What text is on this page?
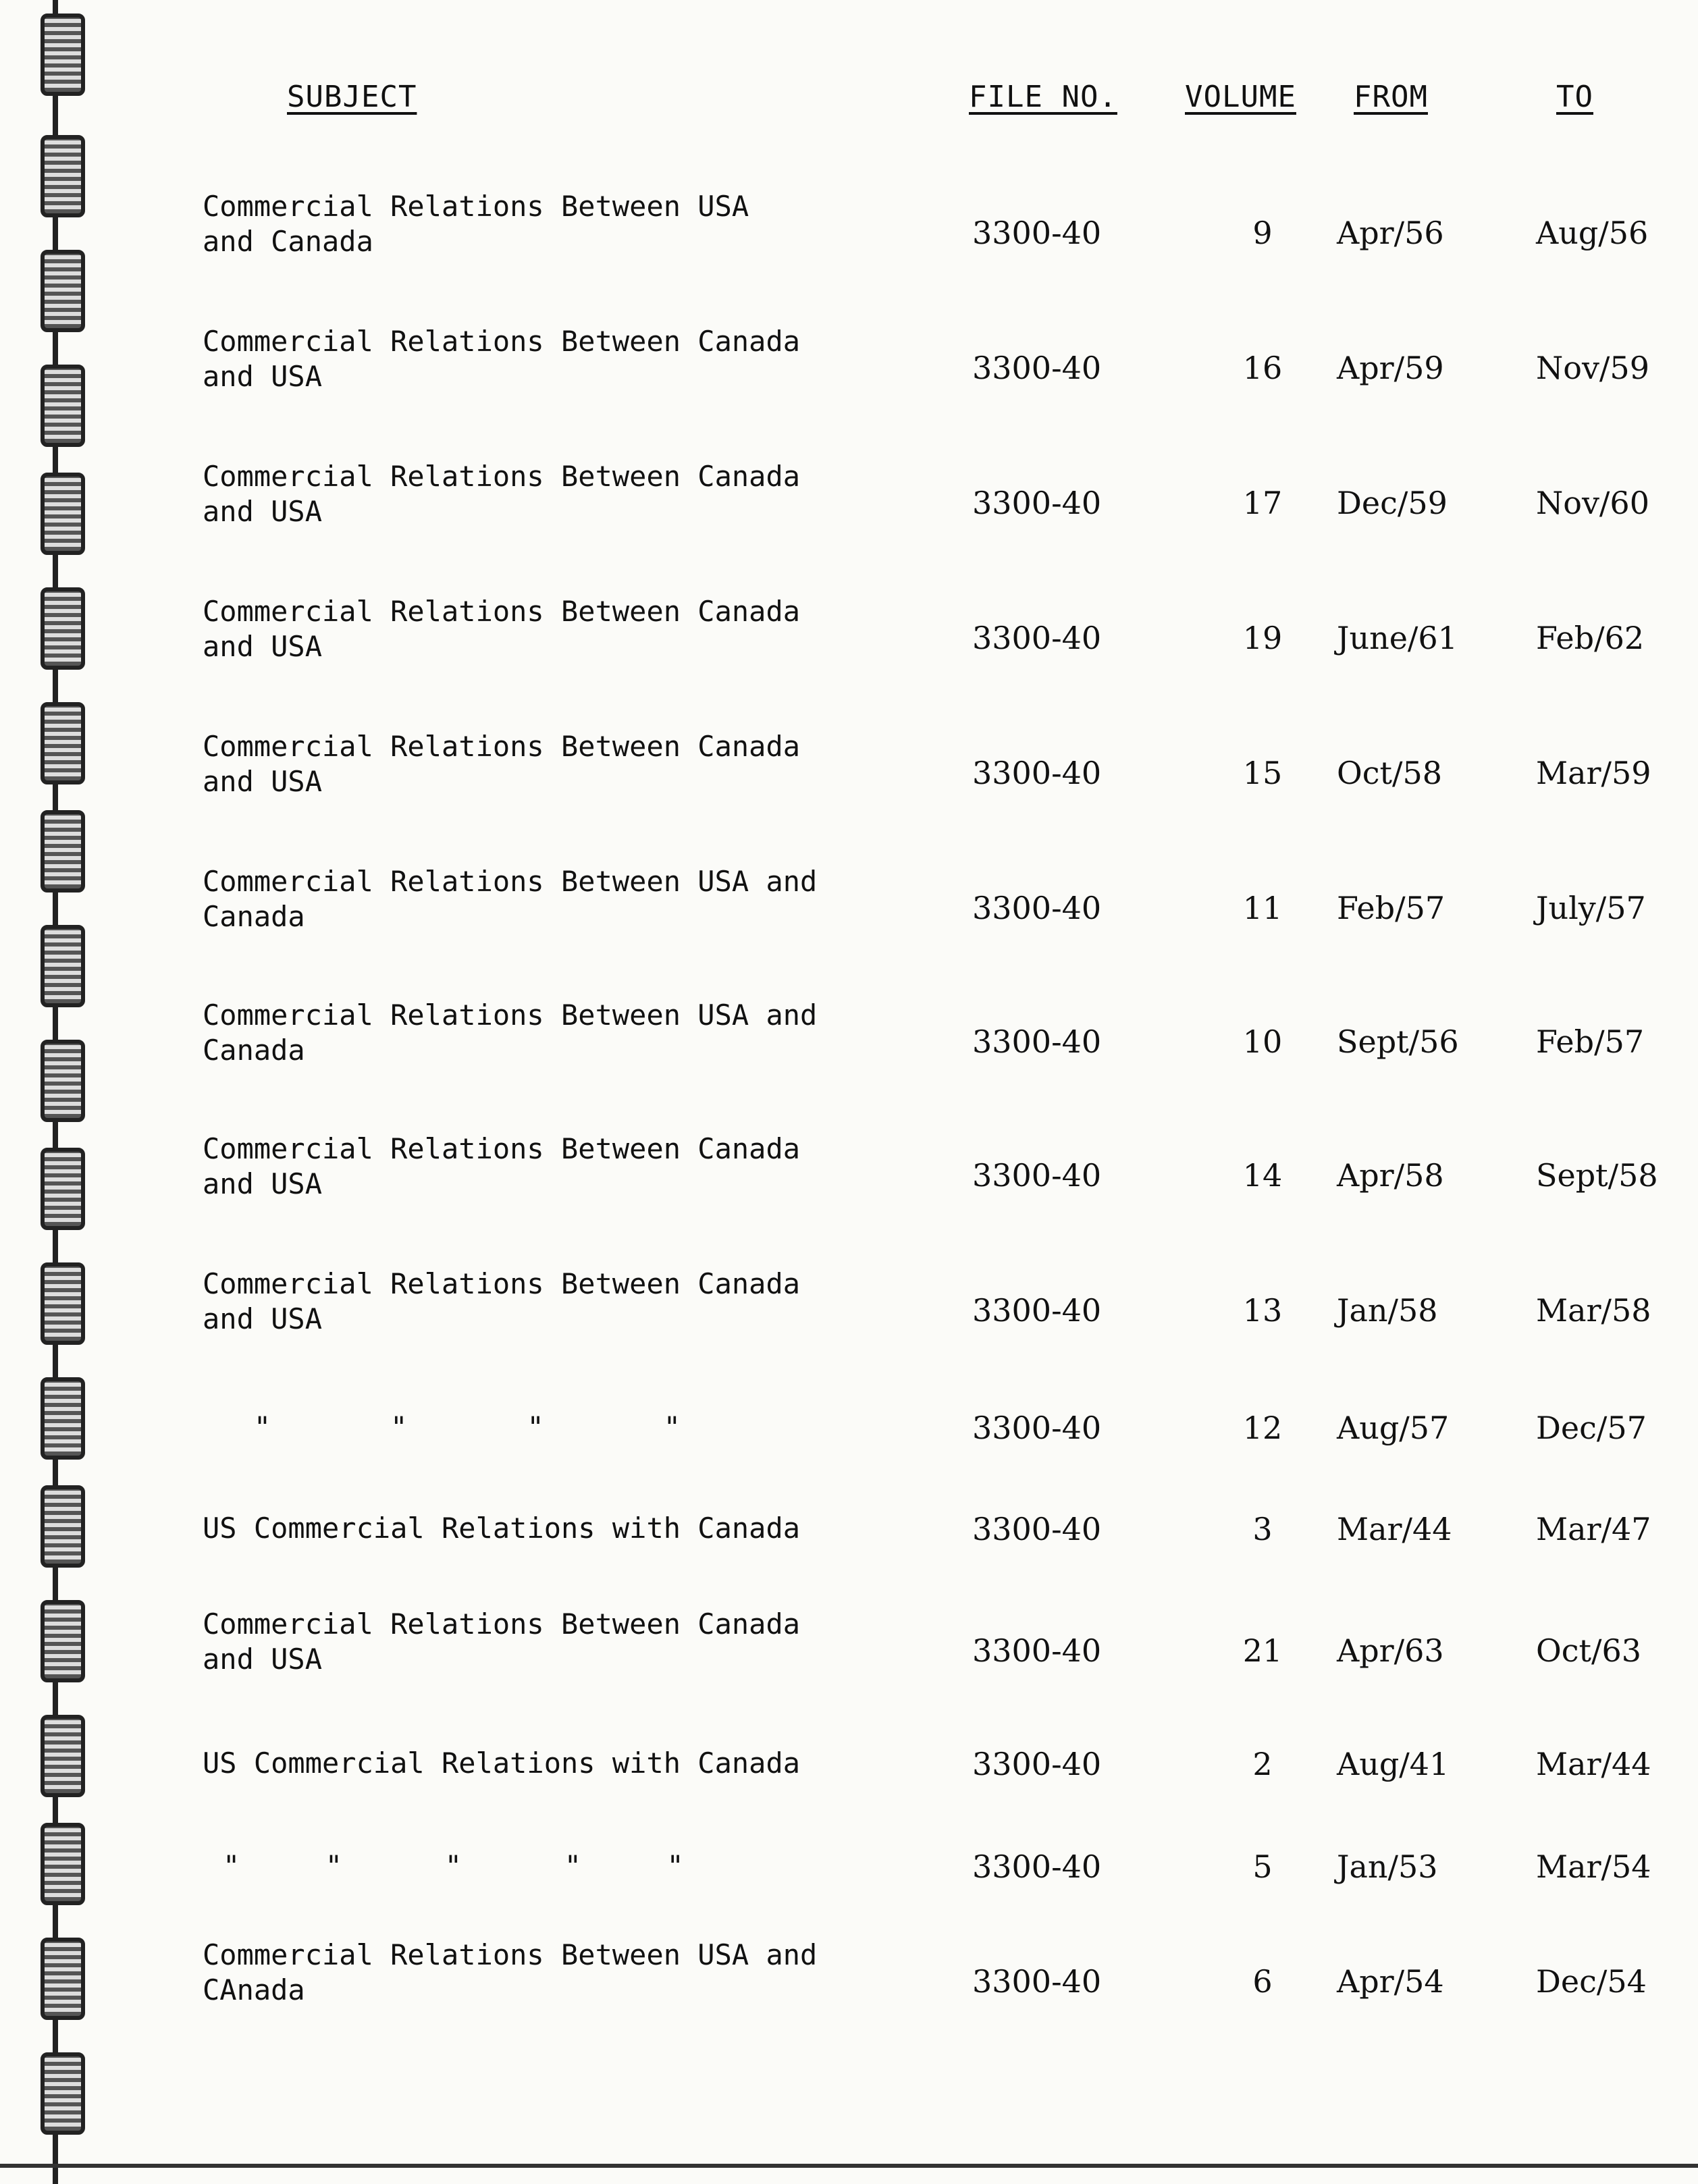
SUBJECT	FILE NO. VOLUME FROM	TO
Commercial Relations Between USA
and Canada	3300-40	9	Apr/56	Aug/56
Commercial Relations Between Canada
and USA	3300-40	16 Apr/59	Nov/59
Commercial Relations Between Canada
and USA	3300-40	17 Dec/59	Nov/60
Commercial Relations Between Canada
and USA	3300-40	19 June/61	Feb/62
Commercial Relations Between Canada
and USA	3300-40	15 Oct/58	Mar/59
Commercial Relations Between USA and
Canada	3300-40	11 Feb/57	July/57
Commercial Relations Between USA and
Canada	3300-40	10 Sept/56 Feb/57
Commercial Relations Between Canada
and USA	3300-40	14 Apr/58	Sept/58
Commercial Relations Between Canada
and USA	3300-40	13 Jan/58	Mar/58
"       "       "       "	3300-40	12 Aug/57	Dec/57
US Commercial Relations with Canada	3300-40	3	Mar/44	Mar/47
Commercial Relations Between Canada
and USA	3300-40	21 Apr/63	Oct/63
US Commercial Relations with Canada	3300-40	2	Aug/41	Mar/44
"     "      "      "     "	3300-40	5	Jan/53	Mar/54
Commercial Relations Between USA and
CAnada	3300-40	6	Apr/54	Dec/54
